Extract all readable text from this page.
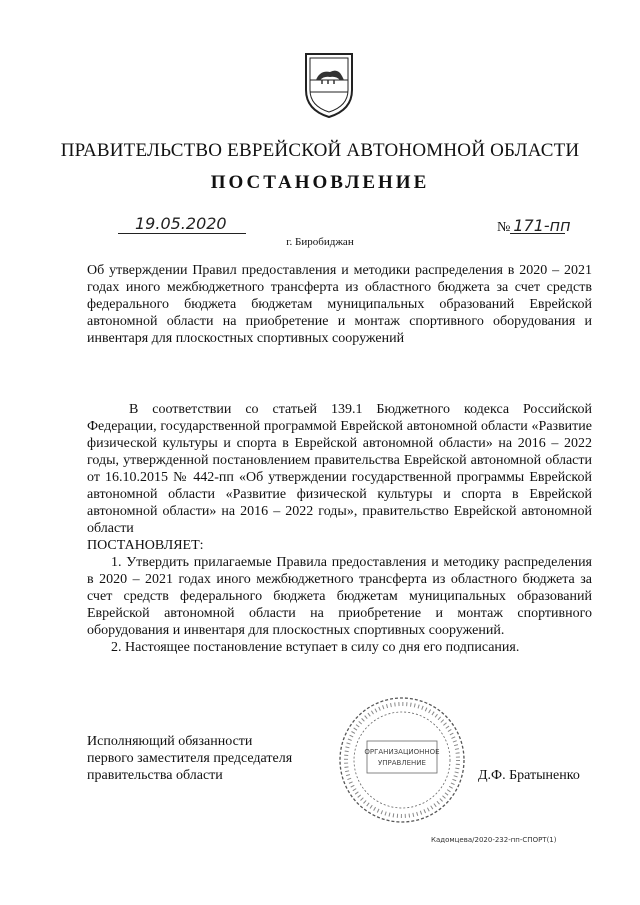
ПРАВИТЕЛЬСТВО ЕВРЕЙСКОЙ АВТОНОМНОЙ ОБЛАСТИ
ПОСТАНОВЛЕНИЕ
19.05.2020	№ 171-пп
г. Биробиджан
Об утверждении Правил предоставления и методики распределения в 2020 – 2021 годах иного межбюджетного трансферта из областного бюджета за счет средств федерального бюджета бюджетам муниципальных образований Еврейской автономной области на приобретение и монтаж спортивного оборудования и инвентаря для плоскостных спортивных сооружений

В соответствии со статьей 139.1 Бюджетного кодекса Российской Федерации, государственной программой Еврейской автономной области «Развитие физической культуры и спорта в Еврейской автономной области» на 2016 – 2022 годы, утвержденной постановлением правительства Еврейской автономной области от 16.10.2015 № 442-пп «Об утверждении государственной программы Еврейской автономной области «Развитие физической культуры и спорта в Еврейской автономной области» на 2016 – 2022 годы», правительство Еврейской автономной области

ПОСТАНОВЛЯЕТ:

1. Утвердить прилагаемые Правила предоставления и методику распределения в 2020 – 2021 годах иного межбюджетного трансферта из областного бюджета за счет средств федерального бюджета бюджетам муниципальных образований Еврейской автономной области на приобретение и монтаж спортивного оборудования и инвентаря для плоскостных спортивных сооружений.

2. Настоящее постановление вступает в силу со дня его подписания.

Исполняющий обязанности
первого заместителя председателя
правительства области
ОРГАНИЗАЦИОННОЕ
УПРАВЛЕНИЕ
Д.Ф. Братыненко
Кадомцева/2020-232-пп-СПОРТ(1)
